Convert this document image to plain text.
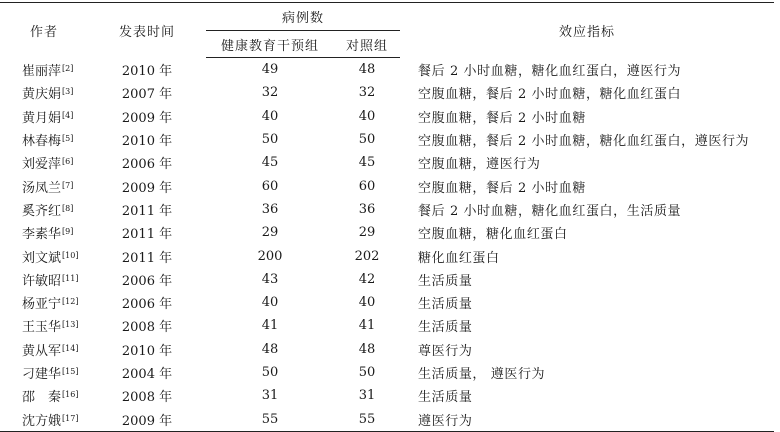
作者	发表时间	病例数		效应指标
		健康教育干预组	对照组	
崔丽萍[2]	2010 年	49	48	餐后 2 小时血糖，糖化血红蛋白，遵医行为
黄庆娟[3]	2007 年	32	32	空腹血糖，餐后 2 小时血糖，糖化血红蛋白
黄月娟[4]	2009 年	40	40	空腹血糖，餐后 2 小时血糖
林春梅[5]	2010 年	50	50	空腹血糖，餐后 2 小时血糖，糖化血红蛋白，遵医行为
刘爱萍[6]	2006 年	45	45	空腹血糖，遵医行为
汤凤兰[7]	2009 年	60	60	空腹血糖，餐后 2 小时血糖
奚齐红[8]	2011 年	36	36	餐后 2 小时血糖，糖化血红蛋白，生活质量
李素华[9]	2011 年	29	29	空腹血糖，糖化血红蛋白
刘文斌[10]	2011 年	200	202	糖化血红蛋白
许敏昭[11]	2006 年	43	42	生活质量
杨亚宁[12]	2006 年	40	40	生活质量
王玉华[13]	2008 年	41	41	生活质量
黄从军[14]	2010 年	48	48	尊医行为
刁建华[15]	2004 年	50	50	生活质量， 遵医行为
邵　秦[16]	2008 年	31	31	生活质量
沈方娥[17]	2009 年	55	55	遵医行为
